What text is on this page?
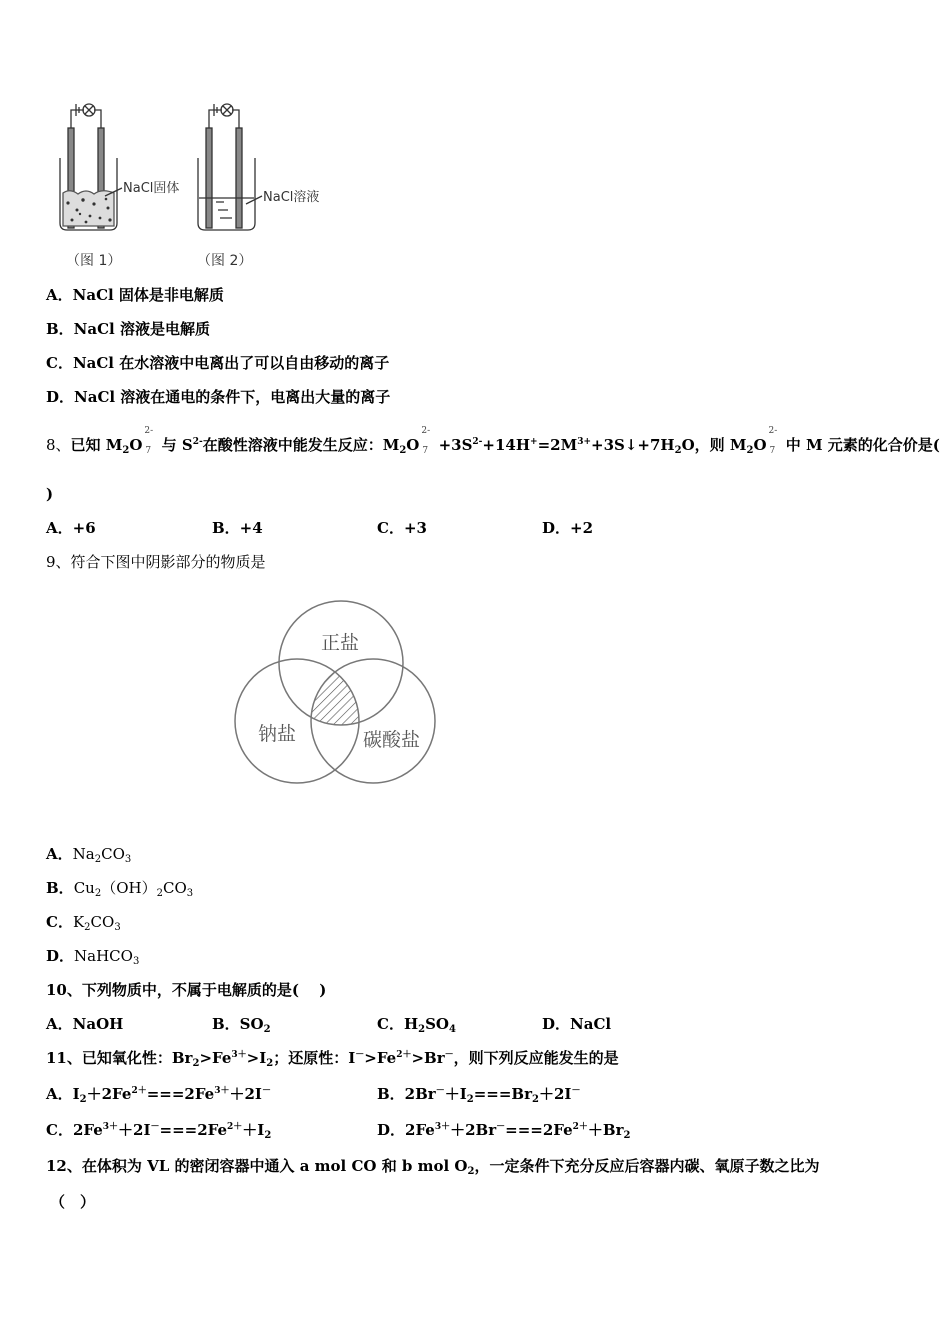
NaCl固体
NaCl溶液
（图 1）	（图 2）
A．NaCl 固体是非电解质
B．NaCl 溶液是电解质
C．NaCl 在水溶液中电离出了可以自由移动的离子
D．NaCl 溶液在通电的条件下，电离出大量的离子
8、已知 $M_2O$
2-
7 与 $S^{2-}$在酸性溶液中能发生反应：$M_2O$
2-
$7 +3S^{2-}+14H^+=2M^{3+}+3S↓+7H_2O$，则 $M_2O$
2-
7 中 M 元素的化合价是(
)
A．+6	B．+4	C．+3	D．+2
9、符合下图中阴影部分的物质是
正盐
钠盐	碳酸盐
A．$Na_2CO_3$
B．$Cu_2(OH)_2CO_3$
C．$K_2CO_3$
D．NaHCO$_3$
10、下列物质中，不属于电解质的是(　 )
A．NaOH	B．$SO_2$	C．$H_2SO_4$	D．NaCl
11、已知氧化性：$Br_2>Fe^{3+}>I_2$；还原性：$I^->Fe^{2+}>Br^-$，则下列反应能发生的是
A．$I_2+2Fe^{2+}===2Fe^{3+}+2I^-$	B．$2Br^-+I_2===Br_2+2I^-$
C．$2Fe^{3+}+2I^-===2Fe^{2+}+I_2$	D．$2Fe^{3+}+2Br^-===2Fe^{2+}+Br_2$
12、在体积为 VL 的密闭容器中通入 a mol CO 和 b mol $O_2$，一定条件下充分反应后容器内碳、氧原子数之比为
（　）
